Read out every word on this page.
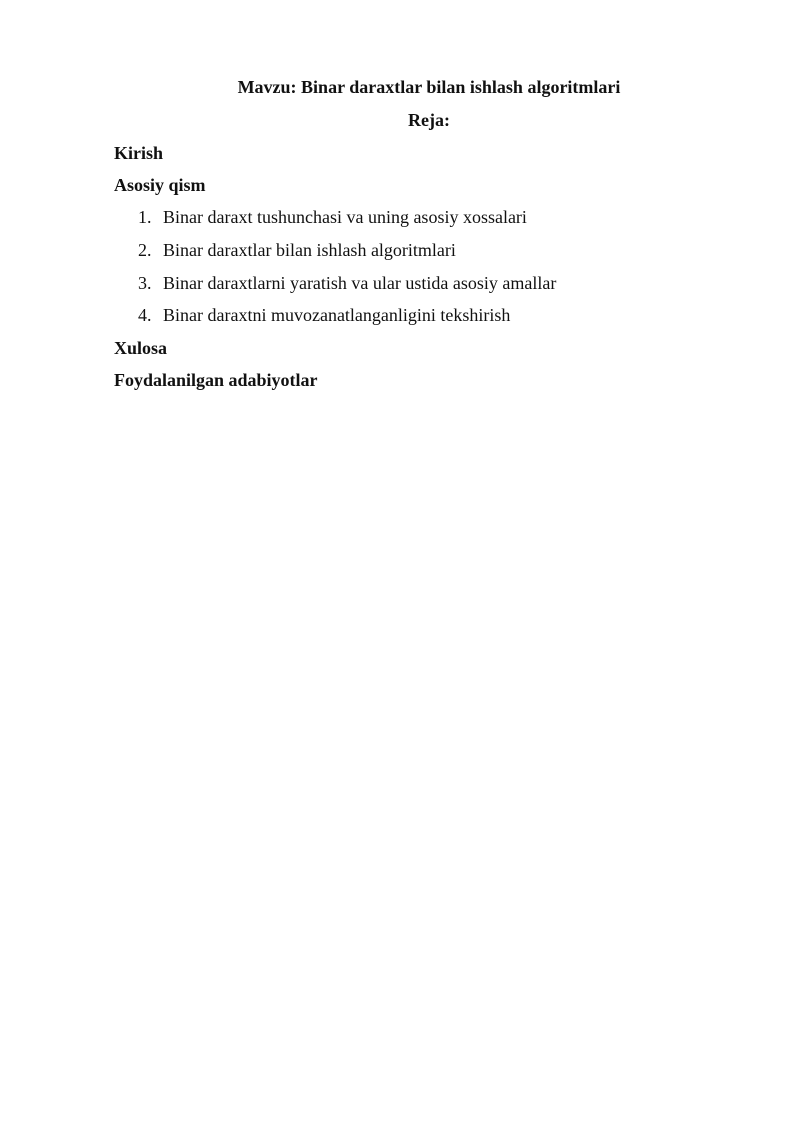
Mavzu: Binar daraxtlar bilan ishlash algoritmlari

Reja:

Kirish

Asosiy qism

1. Binar daraxt tushunchasi va uning asosiy xossalari

2. Binar daraxtlar bilan ishlash algoritmlari

3. Binar daraxtlarni yaratish va ular ustida asosiy amallar

4. Binar daraxtni muvozanatlanganligini tekshirish

Xulosa

Foydalanilgan adabiyotlar
